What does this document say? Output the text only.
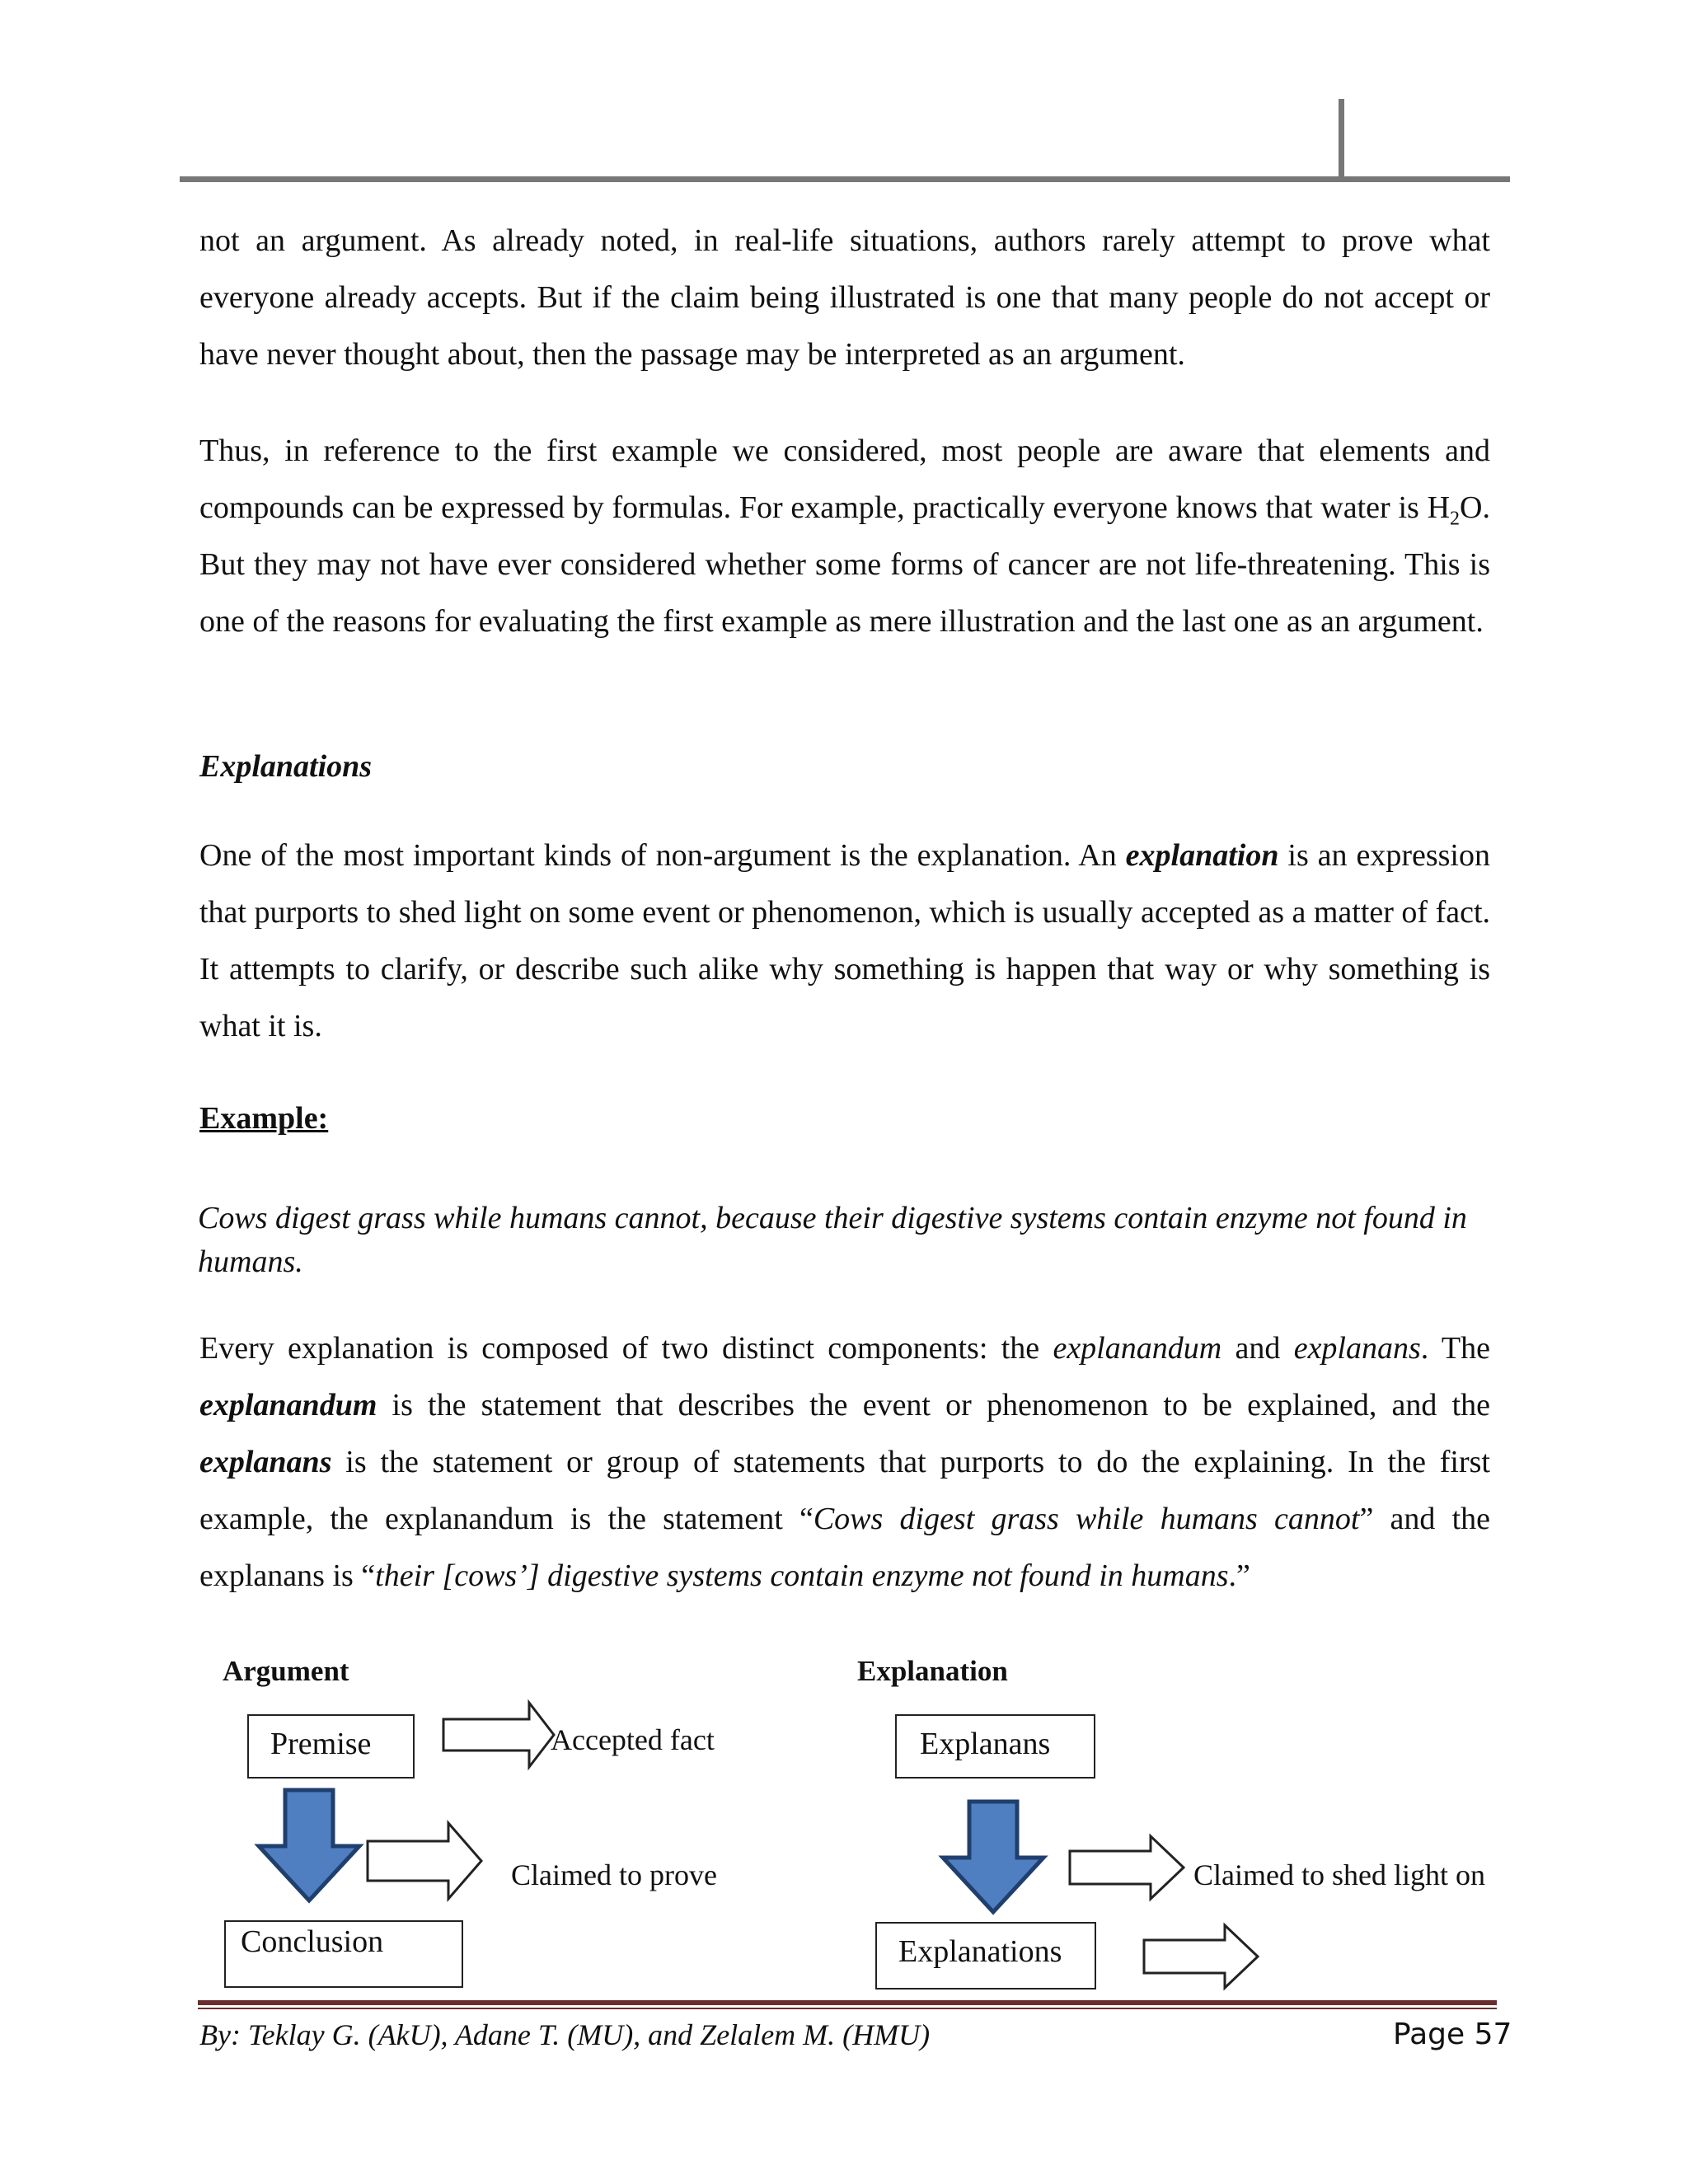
not an argument. As already noted, in real-life situations, authors rarely attempt to prove what everyone already accepts. But if the claim being illustrated is one that many people do not accept or have never thought about, then the passage may be interpreted as an argument.

Thus, in reference to the first example we considered, most people are aware that elements and compounds can be expressed by formulas. For example, practically everyone knows that water is $H_2O$. But they may not have ever considered whether some forms of cancer are not life-threatening. This is one of the reasons for evaluating the first example as mere illustration and the last one as an argument.

Explanations

One of the most important kinds of non-argument is the explanation. An explanation is an expression that purports to shed light on some event or phenomenon, which is usually accepted as a matter of fact. It attempts to clarify, or describe such alike why something is happen that way or why something is what it is.

Example:
Cows digest grass while humans cannot, because their digestive systems contain enzyme not found in humans.

Every explanation is composed of two distinct components: the explanandum and explanans. The explanandum is the statement that describes the event or phenomenon to be explained, and the explanans is the statement or group of statements that purports to do the explaining. In the first example, the explanandum is the statement “Cows digest grass while humans cannot” and the explanans is “their [cows’] digestive systems contain enzyme not found in humans.”

Argument
Premise	Accepted fact
Claimed to prove
Conclusion
Explanation
Explanans
Claimed to shed light on
Explanations
By: Teklay G. (AkU), Adane T. (MU), and Zelalem M. (HMU)	Page 57
